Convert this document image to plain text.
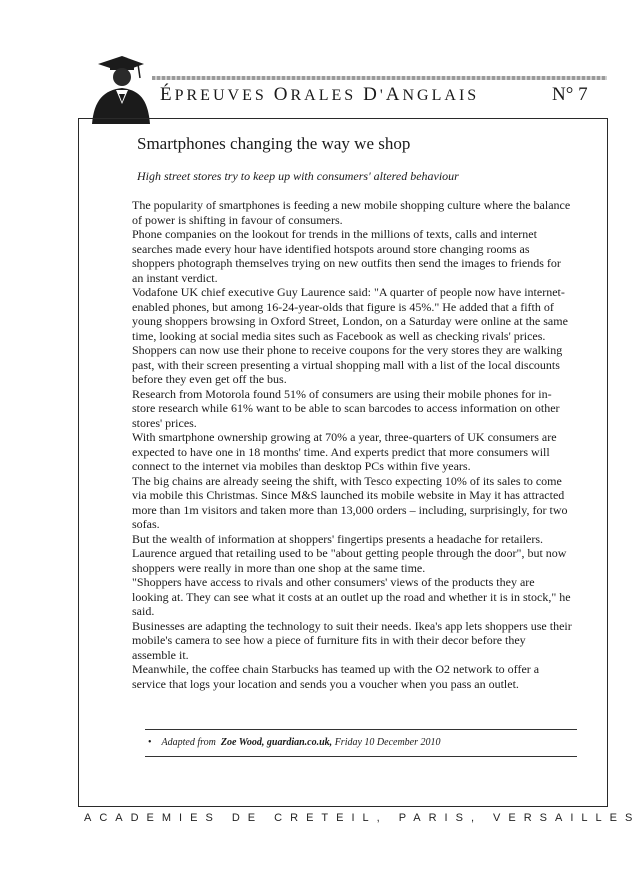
ÉPREUVES ORALES D'ANGLAIS	N° 7
Smartphones changing the way we shop
High street stores try to keep up with consumers' altered behaviour

The popularity of smartphones is feeding a new mobile shopping culture where the balance of power is shifting in favour of consumers.

Phone companies on the lookout for trends in the millions of texts, calls and internet searches made every hour have identified hotspots around store changing rooms as shoppers photograph themselves trying on new outfits then send the images to friends for an instant verdict.

Vodafone UK chief executive Guy Laurence said: "A quarter of people now have internet-enabled phones, but among 16-24-year-olds that figure is 45%." He added that a fifth of young shoppers browsing in Oxford Street, London, on a Saturday were online at the same time, looking at social media sites such as Facebook as well as checking rivals' prices.

Shoppers can now use their phone to receive coupons for the very stores they are walking past, with their screen presenting a virtual shopping mall with a list of the local discounts before they even get off the bus.

Research from Motorola found 51% of consumers are using their mobile phones for in-store research while 61% want to be able to scan barcodes to access information on other stores' prices.

With smartphone ownership growing at 70% a year, three-quarters of UK consumers are expected to have one in 18 months' time. And experts predict that more consumers will connect to the internet via mobiles than desktop PCs within five years.

The big chains are already seeing the shift, with Tesco expecting 10% of its sales to come via mobile this Christmas. Since M&S launched its mobile website in May it has attracted more than 1m visitors and taken more than 13,000 orders – including, surprisingly, for two sofas.

But the wealth of information at shoppers' fingertips presents a headache for retailers. Laurence argued that retailing used to be "about getting people through the door", but now shoppers were really in more than one shop at the same time.

"Shoppers have access to rivals and other consumers' views of the products they are looking at. They can see what it costs at an outlet up the road and whether it is in stock," he said.

Businesses are adapting the technology to suit their needs. Ikea's app lets shoppers use their mobile's camera to see how a piece of furniture fits in with their decor before they assemble it.

Meanwhile, the coffee chain Starbucks has teamed up with the O2 network to offer a service that logs your location and sends you a voucher when you pass an outlet.

• Adapted from Zoe Wood, guardian.co.uk, Friday 10 December 2010
ACADEMIES DE CRETEIL, PARIS, VERSAILLES
